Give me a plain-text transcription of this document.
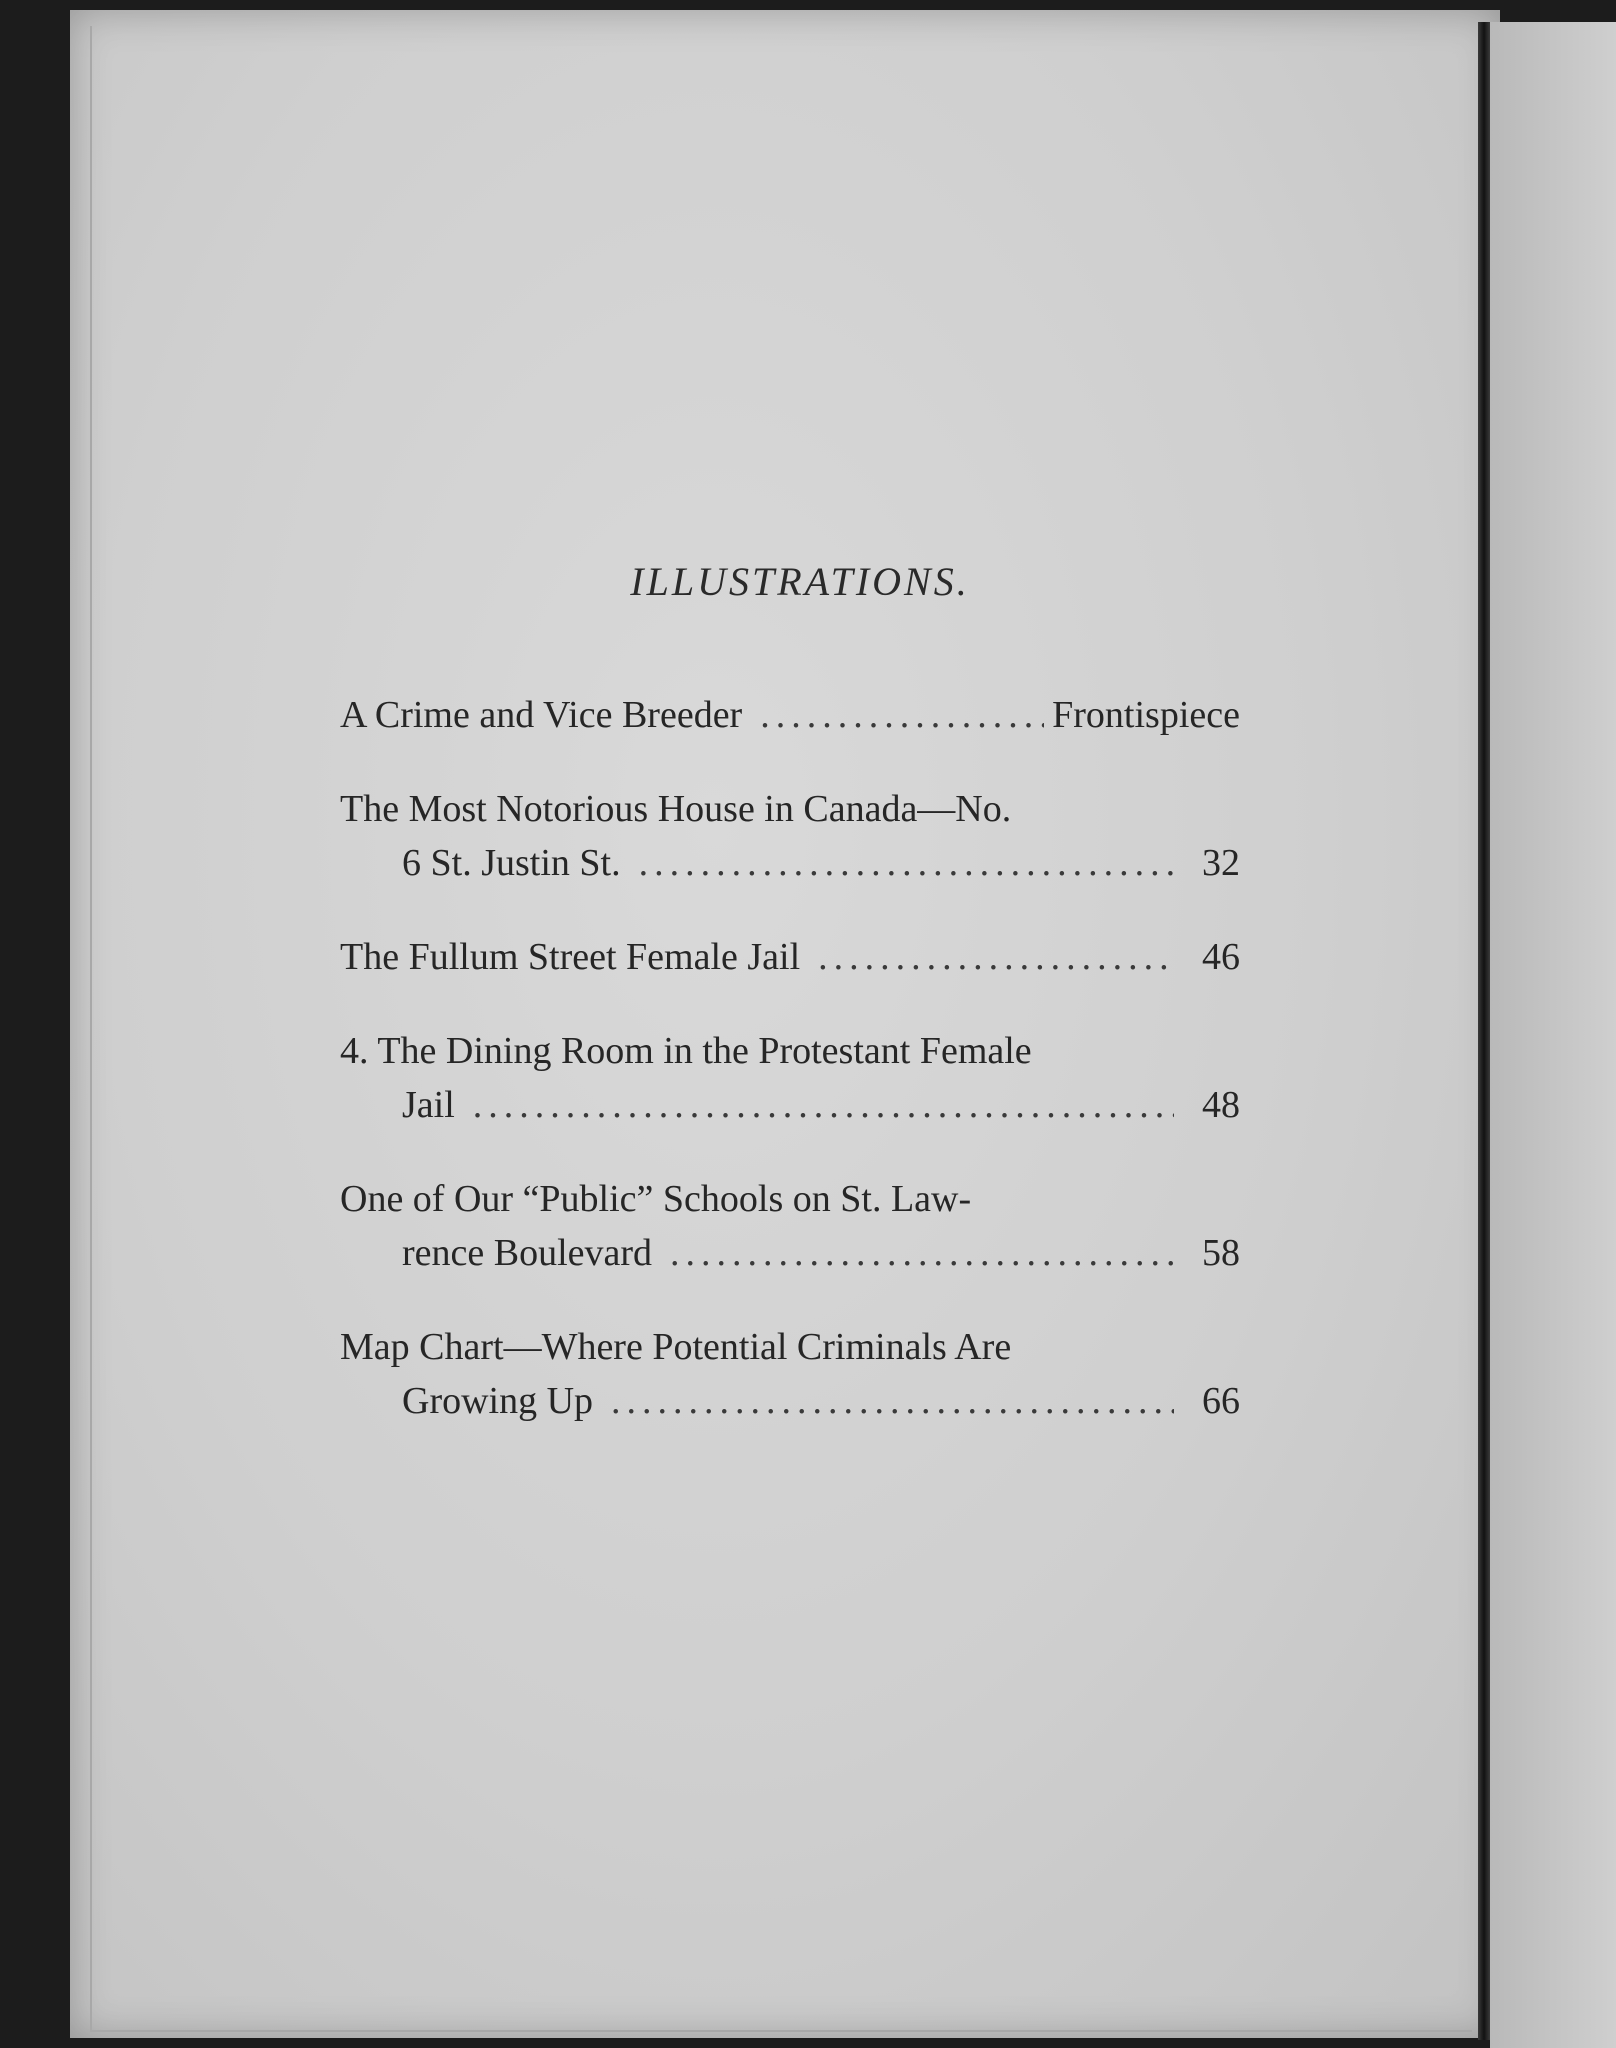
ILLUSTRATIONS.
A Crime and Vice Breeder .....	Frontispiece
The Most Notorious House in Canada—No.
6 St. Justin St. .....	32
The Fullum Street Female Jail .....	46
4. The Dining Room in the Protestant Female
Jail .....	48
One of Our “Public” Schools on St. Law-
rence Boulevard .....	58
Map Chart—Where Potential Criminals Are
Growing Up .....	66
